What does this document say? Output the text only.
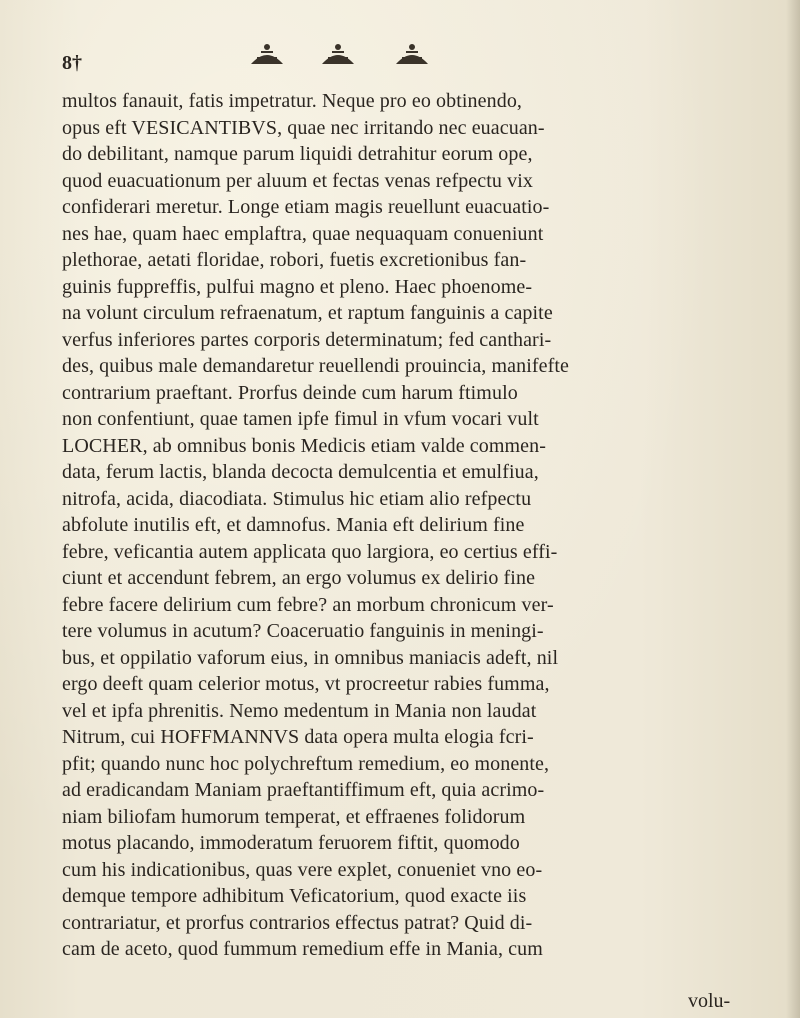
8†
multos fanauit, fatis impetratur. Neque pro eo obtinendo,
opus eft VESICANTIBVS, quae nec irritando nec euacuan-
do debilitant, namque parum liquidi detrahitur eorum ope,
quod euacuationum per aluum et fectas venas refpectu vix
confiderari meretur. Longe etiam magis reuellunt euacuatio-
nes hae, quam haec emplaftra, quae nequaquam conueniunt
plethorae, aetati floridae, robori, fuetis excretionibus fan-
guinis fuppreffis, pulfui magno et pleno. Haec phoenome-
na volunt circulum refraenatum, et raptum fanguinis a capite
verfus inferiores partes corporis determinatum; fed canthari-
des, quibus male demandaretur reuellendi prouincia, manifefte
contrarium praeftant. Prorfus deinde cum harum ftimulo
non confentiunt, quae tamen ipfe fimul in vfum vocari vult
LOCHER, ab omnibus bonis Medicis etiam valde commen-
data, ferum lactis, blanda decocta demulcentia et emulfiua,
nitrofa, acida, diacodiata. Stimulus hic etiam alio refpectu
abfolute inutilis eft, et damnofus. Mania eft delirium fine
febre, veficantia autem applicata quo largiora, eo certius effi-
ciunt et accendunt febrem, an ergo volumus ex delirio fine
febre facere delirium cum febre? an morbum chronicum ver-
tere volumus in acutum? Coaceruatio fanguinis in meningi-
bus, et oppilatio vaforum eius, in omnibus maniacis adeft, nil
ergo deeft quam celerior motus, vt procreetur rabies fumma,
vel et ipfa phrenitis. Nemo medentum in Mania non laudat
Nitrum, cui HOFFMANNVS data opera multa elogia fcri-
pfit; quando nunc hoc polychreftum remedium, eo monente,
ad eradicandam Maniam praeftantiffimum eft, quia acrimo-
niam biliofam humorum temperat, et effraenes folidorum
motus placando, immoderatum feruorem fiftit, quomodo
cum his indicationibus, quas vere explet, conueniet vno eo-
demque tempore adhibitum Veficatorium, quod exacte iis
contrariatur, et prorfus contrarios effectus patrat? Quid di-
cam de aceto, quod fummum remedium effe in Mania, cum
volu-
